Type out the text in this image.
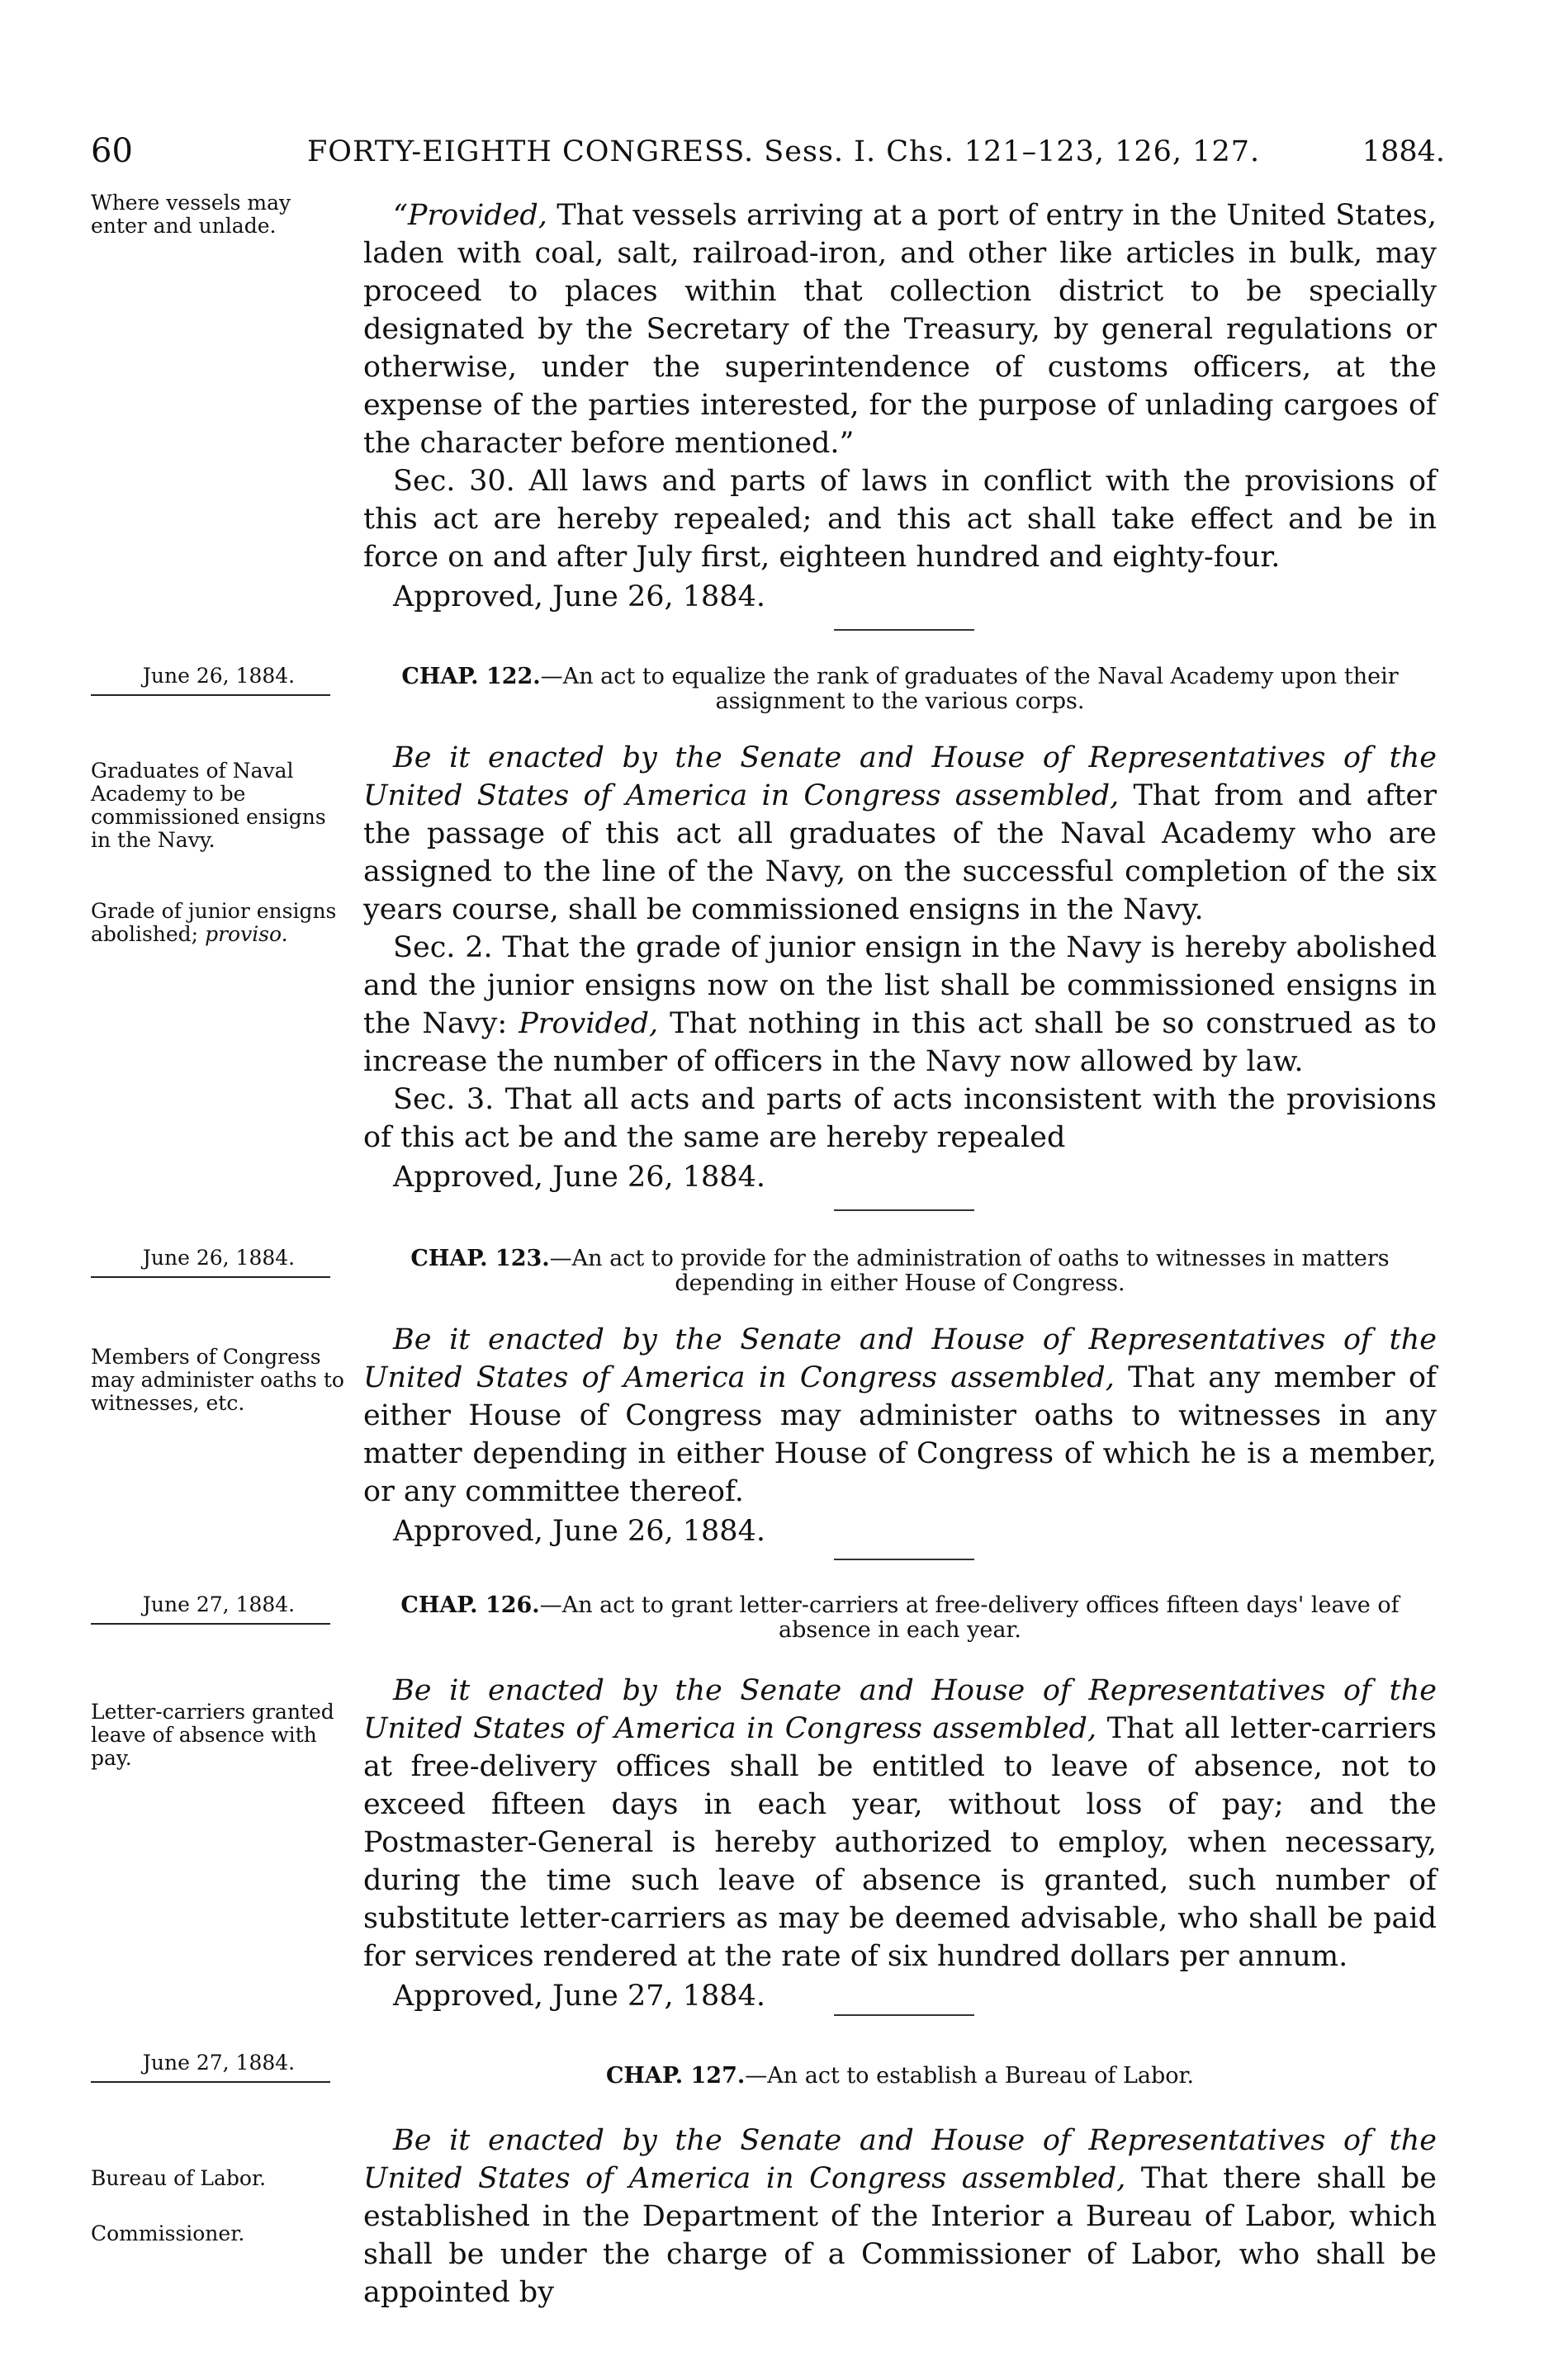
60	FORTY-EIGHTH CONGRESS. Sess. I. Chs. 121–123, 126, 127.	1884.
Where vessels may enter and unlade.	“Provided, That vessels arriving at a port of entry in the United States, laden with coal, salt, railroad-iron, and other like articles in bulk, may proceed to places within that collection district to be specially designated by the Secretary of the Treasury, by general regulations or otherwise, under the superintendence of customs officers, at the expense of the parties interested, for the purpose of unlading cargoes of the character before mentioned.”

Sec. 30. All laws and parts of laws in conflict with the provisions of this act are hereby repealed; and this act shall take effect and be in force on and after July first, eighteen hundred and eighty-four.

Approved, June 26, 1884.

June 26, 1884.	CHAP. 122.—An act to equalize the rank of graduates of the Naval Academy upon their assignment to the various corps.
Graduates of Naval Academy to be commissioned ensigns in the Navy.
Grade of junior ensigns abolished; proviso.

Be it enacted by the Senate and House of Representatives of the United States of America in Congress assembled, That from and after the passage of this act all graduates of the Naval Academy who are assigned to the line of the Navy, on the successful completion of the six years course, shall be commissioned ensigns in the Navy.

Sec. 2. That the grade of junior ensign in the Navy is hereby abolished and the junior ensigns now on the list shall be commissioned ensigns in the Navy: Provided, That nothing in this act shall be so construed as to increase the number of officers in the Navy now allowed by law.

Sec. 3. That all acts and parts of acts inconsistent with the provisions of this act be and the same are hereby repealed

Approved, June 26, 1884.

June 26, 1884.	CHAP. 123.—An act to provide for the administration of oaths to witnesses in matters depending in either House of Congress.
Members of Congress may administer oaths to witnesses, etc.

Be it enacted by the Senate and House of Representatives of the United States of America in Congress assembled, That any member of either House of Congress may administer oaths to witnesses in any matter depending in either House of Congress of which he is a member, or any committee thereof.

Approved, June 26, 1884.

June 27, 1884.	CHAP. 126.—An act to grant letter-carriers at free-delivery offices fifteen days' leave of absence in each year.
Letter-carriers granted leave of absence with pay.

Be it enacted by the Senate and House of Representatives of the United States of America in Congress assembled, That all letter-carriers at free-delivery offices shall be entitled to leave of absence, not to exceed fifteen days in each year, without loss of pay; and the Postmaster-General is hereby authorized to employ, when necessary, during the time such leave of absence is granted, such number of substitute letter-carriers as may be deemed advisable, who shall be paid for services rendered at the rate of six hundred dollars per annum.

Approved, June 27, 1884.

June 27, 1884.
CHAP. 127.—An act to establish a Bureau of Labor.
Bureau of Labor.
Commissioner.

Be it enacted by the Senate and House of Representatives of the United States of America in Congress assembled, That there shall be established in the Department of the Interior a Bureau of Labor, which shall be under the charge of a Commissioner of Labor, who shall be appointed by
